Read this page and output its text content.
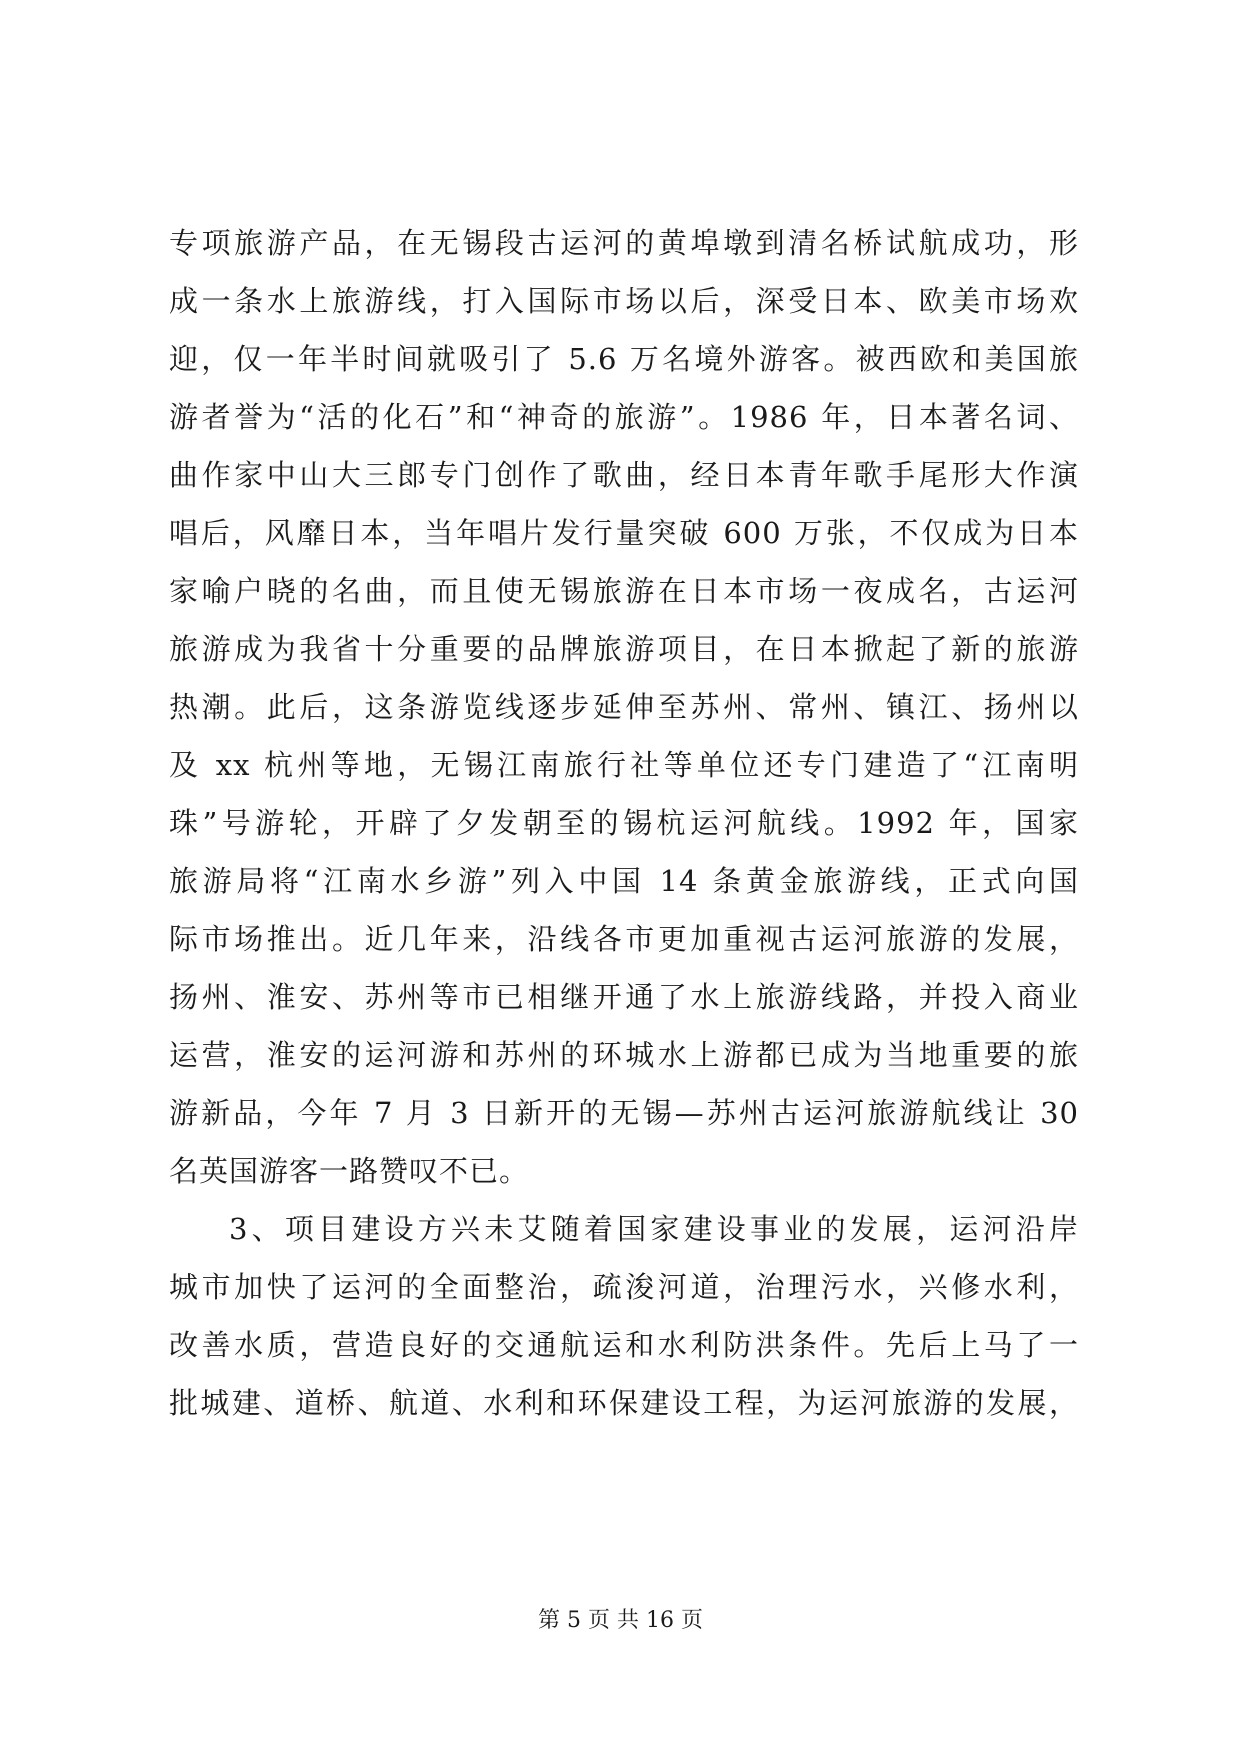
专项旅游产品，在无锡段古运河的黄埠墩到清名桥试航成功，形
成一条水上旅游线，打入国际市场以后，深受日本、欧美市场欢
迎，仅一年半时间就吸引了 5.6 万名境外游客。被西欧和美国旅
游者誉为“活的化石”和“神奇的旅游”。1986 年，日本著名词、
曲作家中山大三郎专门创作了歌曲，经日本青年歌手尾形大作演
唱后，风靡日本，当年唱片发行量突破 600 万张，不仅成为日本
家喻户晓的名曲，而且使无锡旅游在日本市场一夜成名，古运河
旅游成为我省十分重要的品牌旅游项目，在日本掀起了新的旅游
热潮。此后，这条游览线逐步延伸至苏州、常州、镇江、扬州以
及 xx 杭州等地，无锡江南旅行社等单位还专门建造了“江南明
珠”号游轮，开辟了夕发朝至的锡杭运河航线。1992 年，国家
旅游局将“江南水乡游”列入中国 14 条黄金旅游线，正式向国
际市场推出。近几年来，沿线各市更加重视古运河旅游的发展，
扬州、淮安、苏州等市已相继开通了水上旅游线路，并投入商业
运营，淮安的运河游和苏州的环城水上游都已成为当地重要的旅
游新品，今年 7 月 3 日新开的无锡—苏州古运河旅游航线让 30
名英国游客一路赞叹不已。
3、项目建设方兴未艾随着国家建设事业的发展，运河沿岸
城市加快了运河的全面整治，疏浚河道，治理污水，兴修水利，
改善水质，营造良好的交通航运和水利防洪条件。先后上马了一
批城建、道桥、航道、水利和环保建设工程，为运河旅游的发展，
第 5 页 共 16 页
